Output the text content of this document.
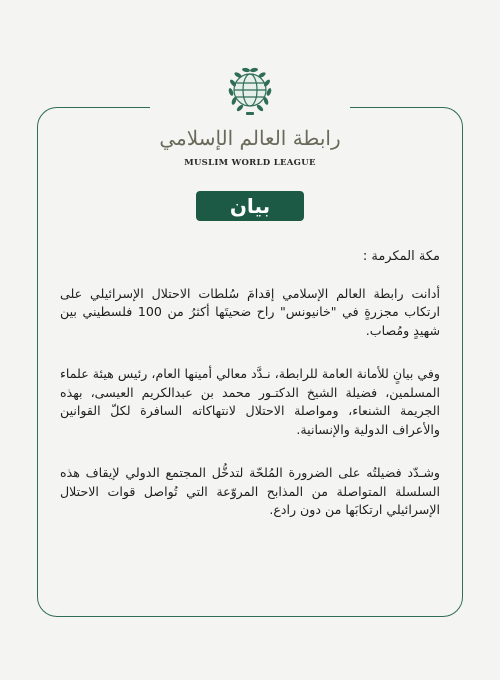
رابطة العالم الإسلامي
MUSLIM WORLD LEAGUE
بيان

مكة المكرمة :

أدانت رابطة العالم الإسلامي إقدامَ سُلطات الاحتلال الإسرائيلي على ارتكاب مجزرةٍ في "خانيونس" راح ضحيتَها أكثرُ من 100 فلسطيني بين شهيدٍ ومُصاب.

وفي بيانٍ للأمانة العامة للرابطة، نـدَّد معالي أمينها العام، رئيس هيئة علماء المسلمين، فضيلة الشيخ الدكتـور محمد بن عبدالكريم العيسى، بهذه الجريمة الشنعاء، ومواصلة الاحتلال لانتهاكاته السافرة لكلّ القوانين والأعراف الدولية والإنسانية.

وشـدّد فضيلتُه على الضرورة المُلحّة لتدخُّل المجتمع الدولي لإيقاف هذه السلسلة المتواصلة من المذابح المروّعة التي تُواصل قوات الاحتلال الإسرائيلي ارتكابَها من دون رادع.
